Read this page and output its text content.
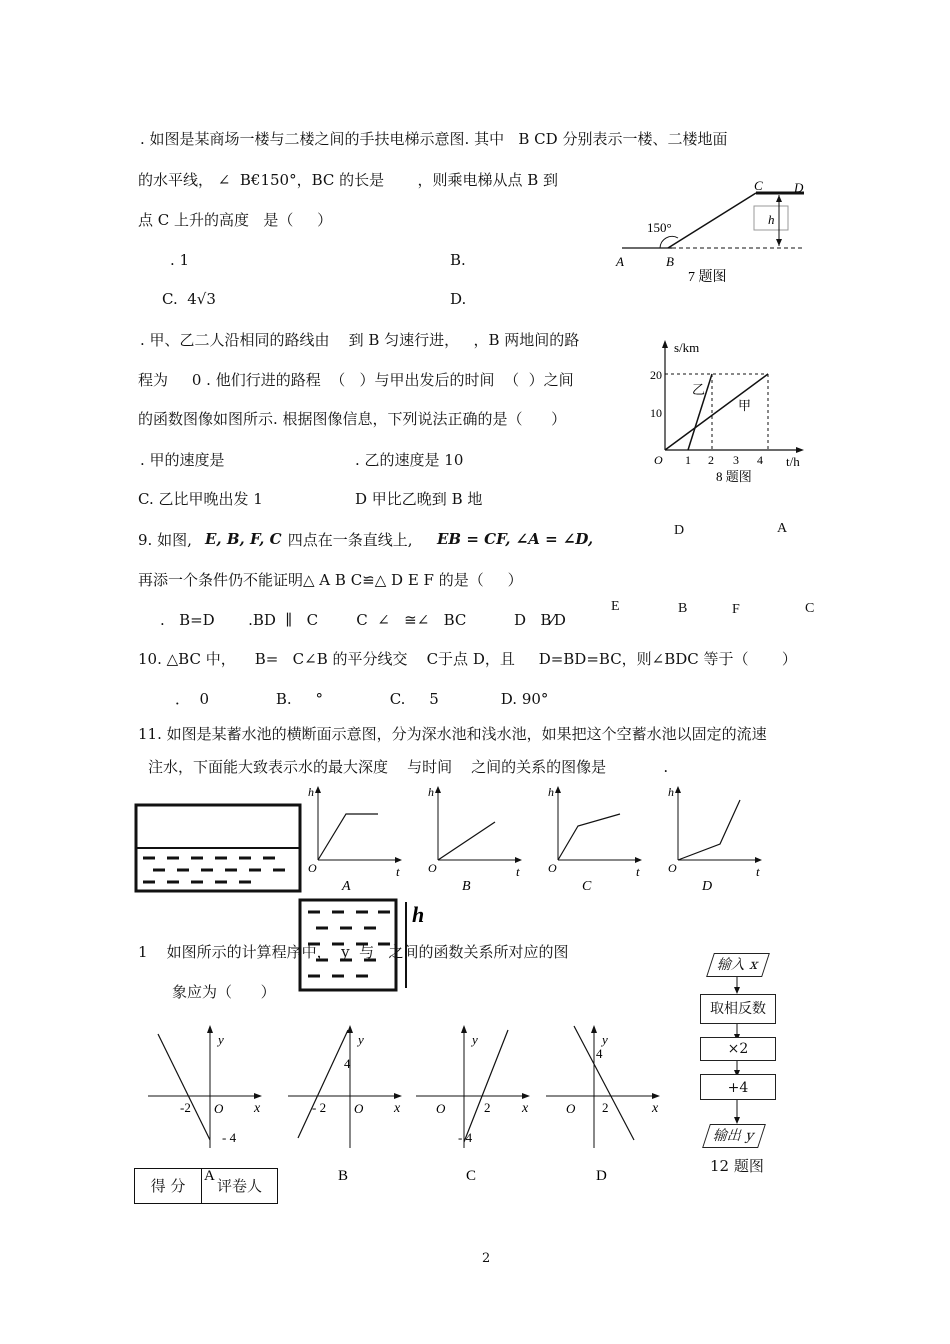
. 如图是某商场一楼与二楼之间的手扶电梯示意图. 其中   B CD 分别表示一楼、二楼地面
的水平线， ∠  B€150°，BC 的长是       ，则乘电梯从点 B 到
点 C 上升的高度   是（     ）
. 1	B.
C.  4√3	D.
C D
h
150°
A	B
7 题图
. 甲、乙二人沿相同的路线由    到 B 匀速行进，   ，B 两地间的路
程为     0 . 他们行进的路程  （   ）与甲出发后的时间  （  ）之间
的函数图像如图所示. 根据图像信息，下列说法正确的是（      ）
. 甲的速度是	. 乙的速度是 10
C. 乙比甲晚出发 1	D 甲比乙晚到 B 地
s/km
20
10
O 1 2 3 4 t/h
乙
甲
8 题图
9. 如图, E, B, F, C 四点在一条直线上, EB = CF, ∠A = ∠D,
再添一个条件仍不能证明△ A B C≌△ D E F 的是（     ）
.   B=D       .BD  ∥   C        C  ∠   ≅∠   BC          D   B⁄D
D	A
E	B	F	C
10. △BC 中，    B=   C∠B 的平分线交    C于点 D，且     D=BD=BC，则∠BDC 等于（       ）
．  0              B.     °              C.     5             D. 90°
11. 如图是某蓄水池的横断面示意图，分为深水池和浅水池，如果把这个空蓄水池以固定的流速
注水，下面能大致表示水的最大深度    与时间    之间的关系的图像是            .
h
h
O	t
A
h
O	t
B
h
O	t
C
h
O	t
D
1    如图所示的计算程序中，  y  与   之间的函数关系所对应的图
象应为（      ）
y
x
O
-2
- 4
A
y
x
O
- 2
4
B
y
x
O	2
- 4
C
y
x
O 2
4
D
输入 x
取相反数
×2
+4
输出 y
12 题图
得 分	评卷人
2
